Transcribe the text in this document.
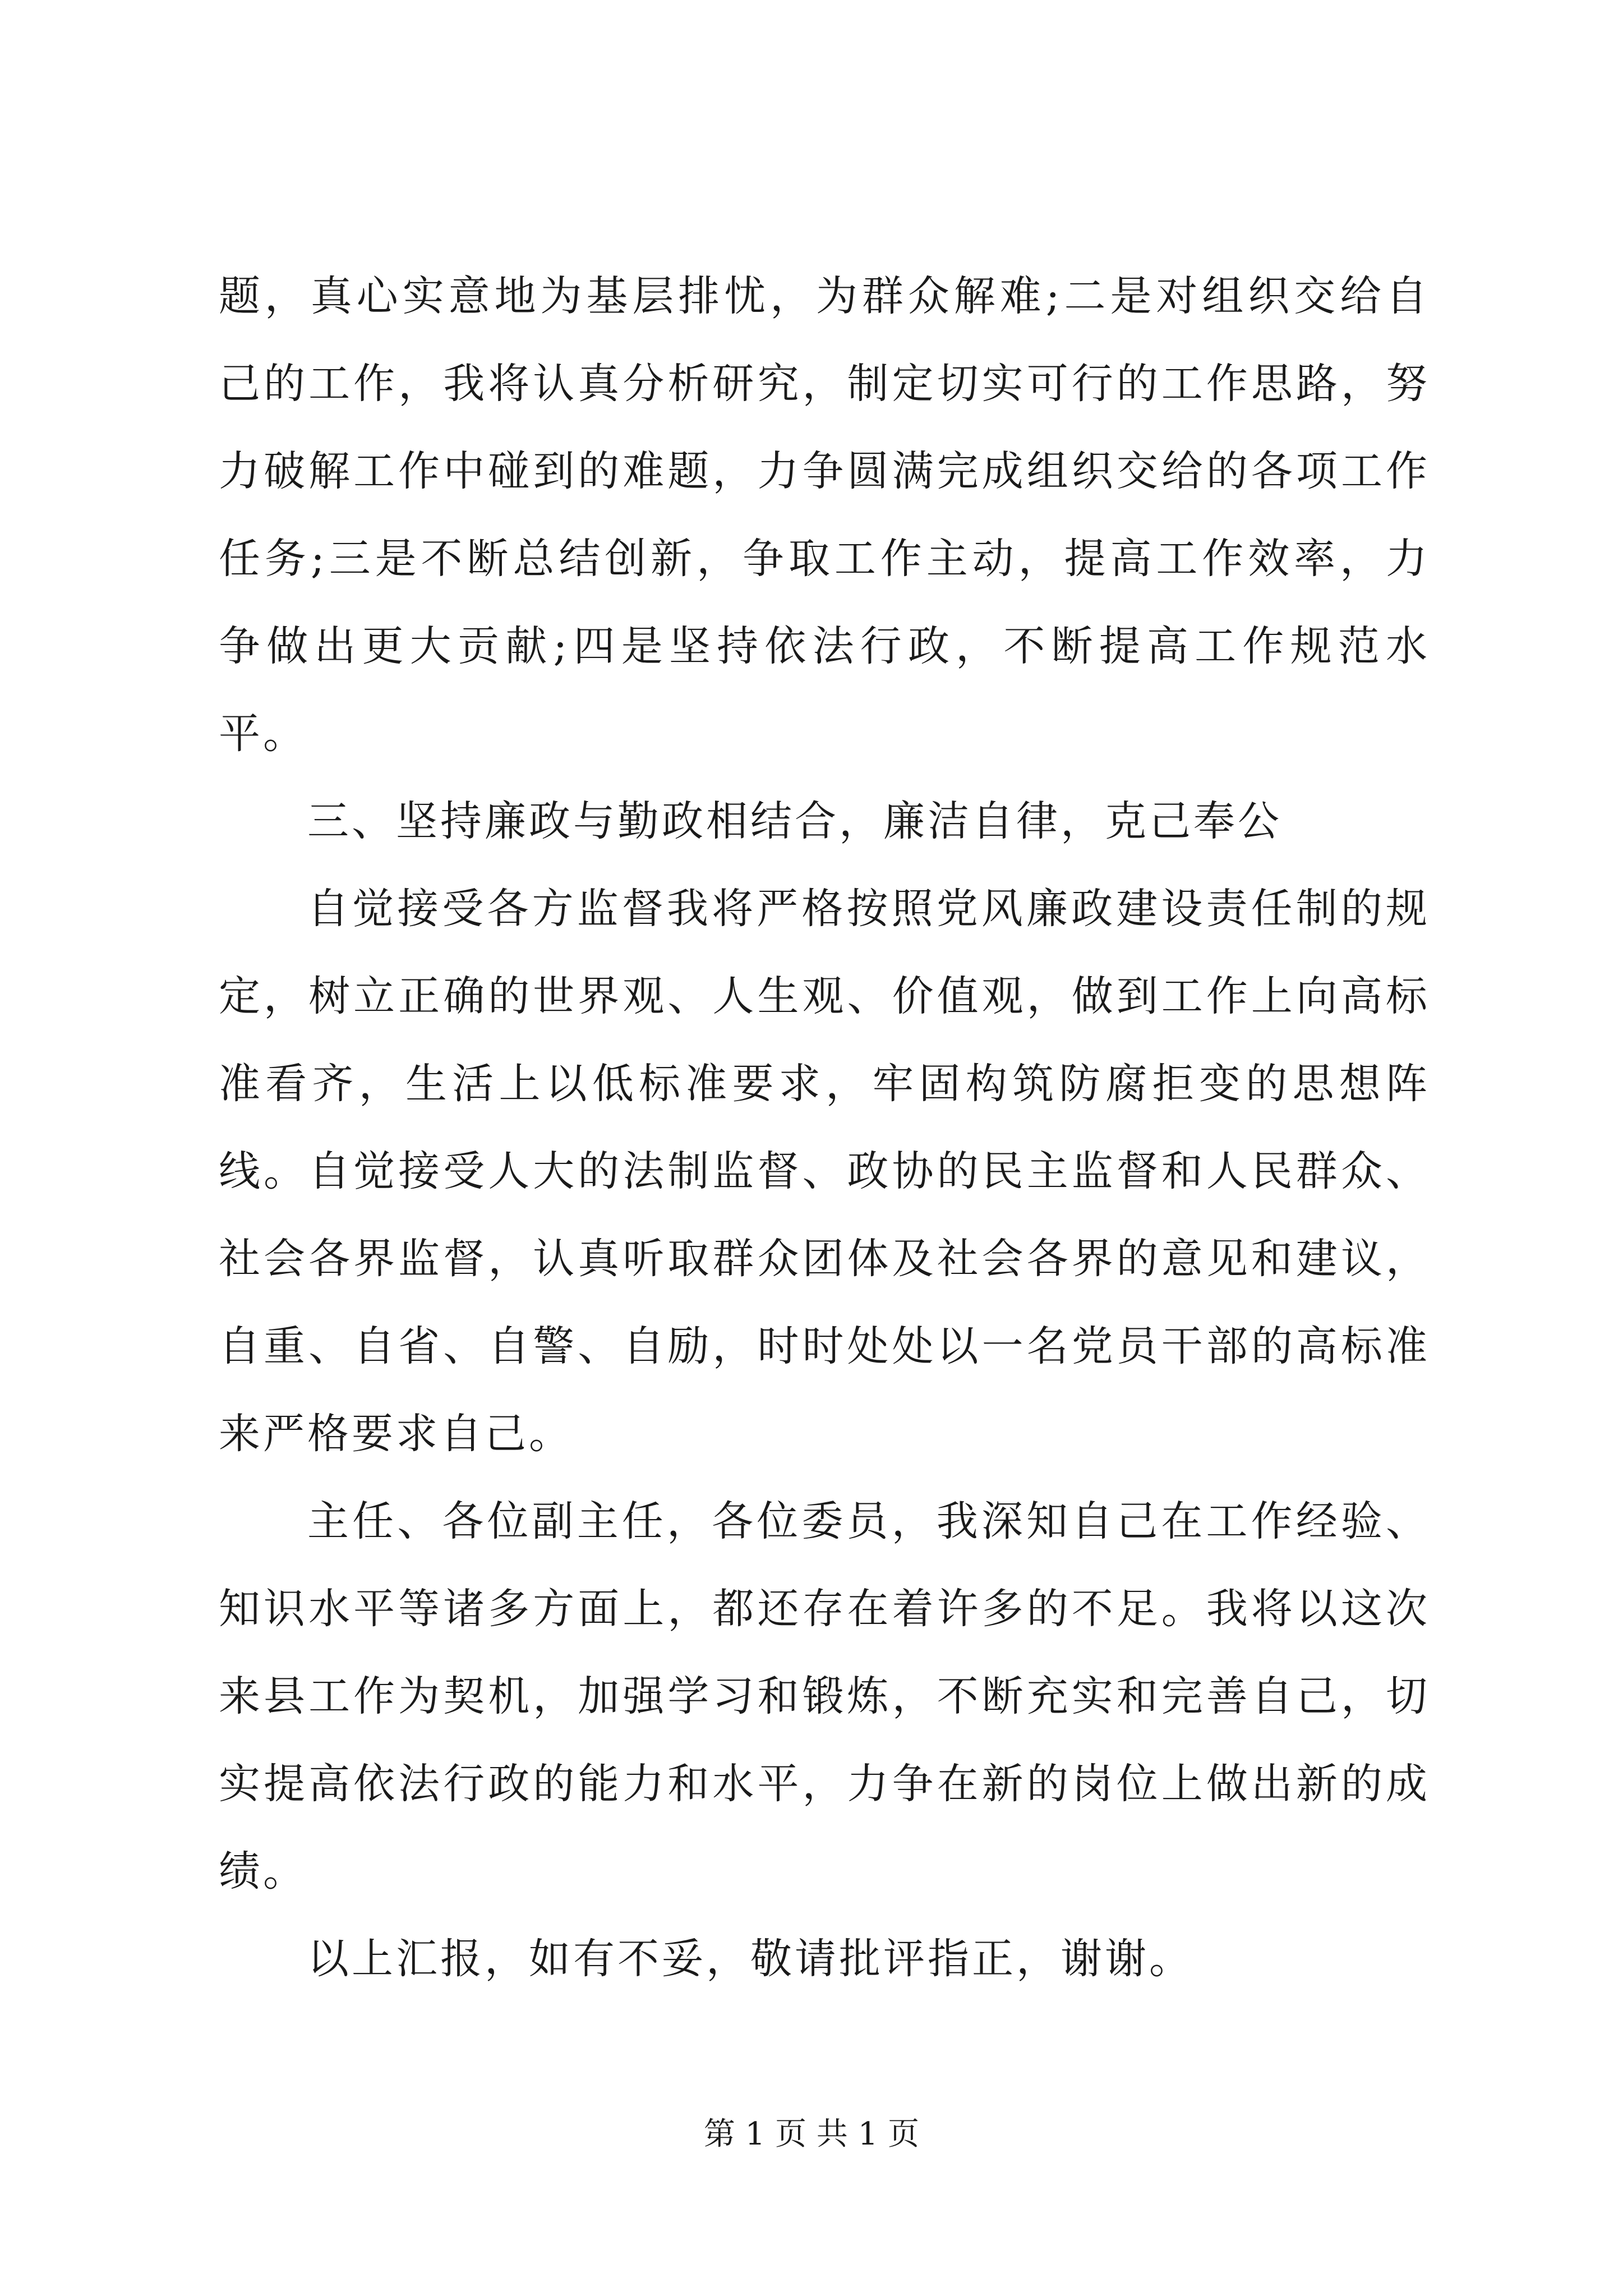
题，真心实意地为基层排忧，为群众解难;二是对组织交给自己的工作，我将认真分析研究，制定切实可行的工作思路，努力破解工作中碰到的难题，力争圆满完成组织交给的各项工作任务;三是不断总结创新，争取工作主动，提高工作效率，力争做出更大贡献;四是坚持依法行政，不断提高工作规范水平。

三、坚持廉政与勤政相结合，廉洁自律，克己奉公

自觉接受各方监督我将严格按照党风廉政建设责任制的规定，树立正确的世界观、人生观、价值观，做到工作上向高标准看齐，生活上以低标准要求，牢固构筑防腐拒变的思想阵线。自觉接受人大的法制监督、政协的民主监督和人民群众、社会各界监督，认真听取群众团体及社会各界的意见和建议，自重、自省、自警、自励，时时处处以一名党员干部的高标准来严格要求自己。

主任、各位副主任，各位委员，我深知自己在工作经验、知识水平等诸多方面上，都还存在着许多的不足。我将以这次来县工作为契机，加强学习和锻炼，不断充实和完善自己，切实提高依法行政的能力和水平，力争在新的岗位上做出新的成绩。

以上汇报，如有不妥，敬请批评指正，谢谢。

第 1 页 共 1 页
